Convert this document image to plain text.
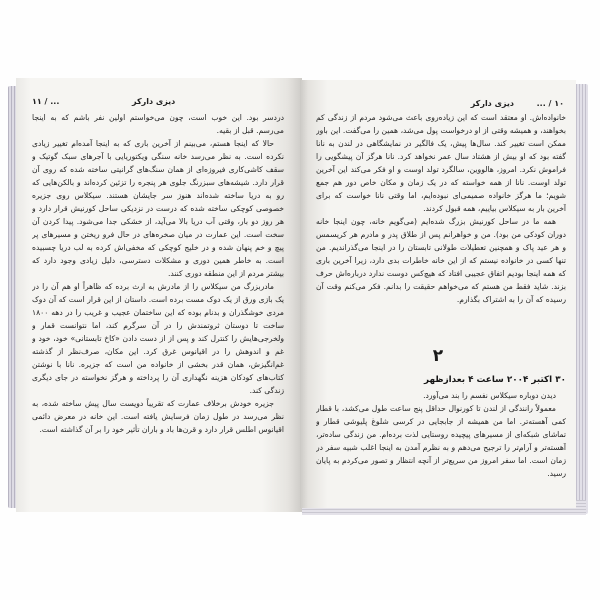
... / ۱۱	دیزی دارکر

دردسر بود. این خوب است، چون می‌خواستم اولین نفر باشم که به اینجا می‌رسم. قبل از بقیه.

حالا که اینجا هستم، می‌بینم از آخرین باری که به اینجا آمده‌ام تغییر زیادی نکرده است. به نظر می‌رسد خانه سنگی ویکتوریایی با آجرهای سبک گوتیک و سقف کاشی‌کاری فیروزه‌ای از همان سنگ‌های گرانیتی ساخته شده که روی آن قرار دارد. شیشه‌های سبزرنگ جلوی هر پنجره را تزئین کرده‌اند و بالکن‌هایی که رو به دریا ساخته شده‌اند هنوز سر جایشان هستند. سیکلاس روی جزیره خصوصی کوچکی ساخته شده که درست در نزدیکی ساحل کورنیش قرار دارد و هر روز دو بار، وقتی آب دریا بالا می‌آید، از خشکی جدا می‌شود. پیدا کردن آن سخت است. این عمارت در میان صخره‌های در حال فرو ریختن و مسیرهای پر پیچ و خم پنهان شده و در خلیج کوچکی که مخفی‌اش کرده به لب دریا چسبیده است. به خاطر همین دوری و مشکلات دسترسی، دلیل زیادی وجود دارد که بیشتر مردم از این منطقه دوری کنند.

مادربزرگ من سیکلاس را از مادرش به ارث برده که ظاهراً او هم آن را در یک بازی ورق از یک دوک مست برده است. داستان از این قرار است که آن دوک مردی خوشگذران و بدنام بوده که این ساختمان عجیب و غریب را در دهه ۱۸۰۰ ساخت تا دوستان ثروتمندش را در آن سرگرم کند، اما نتوانست قمار و ولخرجی‌هایش را کنترل کند و پس از از دست دادن «کاخ تابستانی» خود، خود و غم و اندوهش را در اقیانوس غرق کرد. این مکان، صرف‌نظر از گذشته غم‌انگیزش، همان قدر بخشی از خانواده من است که جزیره. نانا با نوشتن کتاب‌های کودکان هزینه نگهداری آن را پرداخته و هرگز نخواسته در جای دیگری زندگی کند.

جزیره خودش برخلاف عمارت که تقریباً دویست سال پیش ساخته شده، به نظر می‌رسد در طول زمان فرسایش یافته است. این خانه در معرض دائمی اقیانوس اطلس قرار دارد و قرن‌ها باد و باران تأثیر خود را بر آن گذاشته است.

دیزی دارکر	۱۰ / ...

خانواده‌اش. او معتقد است که این زیاده‌روی باعث می‌شود مردم از زندگی کم بخواهند، و همیشه وقتی از او درخواست پول می‌شد، همین را می‌گفت. این باور ممکن است تغییر کند. سال‌ها پیش، یک فالگیر در نمایشگاهی در لندن به نانا گفته بود که او بیش از هشتاد سال عمر نخواهد کرد. نانا هرگز آن پیشگویی را فراموش نکرد. امروز، هالووین، سالگرد تولد اوست و او فکر می‌کند این آخرین تولد اوست. نانا از همه خواسته که در یک زمان و مکان خاص دور هم جمع شویم؛ ما هرگز خانواده صمیمی‌ای نبوده‌ایم، اما وقتی نانا خواست که برای آخرین بار به سیکلاس بیاییم، همه قبول کردند.

همه ما در ساحل کورنیش بزرگ شده‌ایم (می‌گویم خانه، چون اینجا خانه دوران کودکی من بود). من و خواهرانم پس از طلاق پدر و مادرم هر کریسمس و هر عید پاک و همچنین تعطیلات طولانی تابستان را در اینجا می‌گذراندیم. من تنها کسی در خانواده نیستم که از این خانه خاطرات بدی دارد، زیرا آخرین باری که همه اینجا بودیم اتفاق عجیبی افتاد که هیچ‌کس دوست ندارد درباره‌اش حرف بزند. شاید فقط من هستم که می‌خواهم حقیقت را بدانم. فکر می‌کنم وقت آن رسیده که آن را به اشتراک بگذارم.

۲
۳۰ اکتبر ۲۰۰۴ ساعت ۴ بعدازظهر

دیدن دوباره سیکلاس نفسم را بند می‌آورد.

معمولاً رانندگی از لندن تا کورنوال حداقل پنج ساعت طول می‌کشد، با قطار کمی آهسته‌تر. اما من همیشه از جابجایی در کرسی شلوغ پلیوشی قطار و تماشای شبکه‌ای از مسیرهای پیچیده روستایی لذت برده‌ام. من زندگی ساده‌تر، آهسته‌تر و آرام‌تر را ترجیح می‌دهم و به نظرم آمدن به اینجا اغلب شبیه سفر در زمان است. اما سفر امروز من سریع‌تر از آنچه انتظار و تصور می‌کردم به پایان رسید.
